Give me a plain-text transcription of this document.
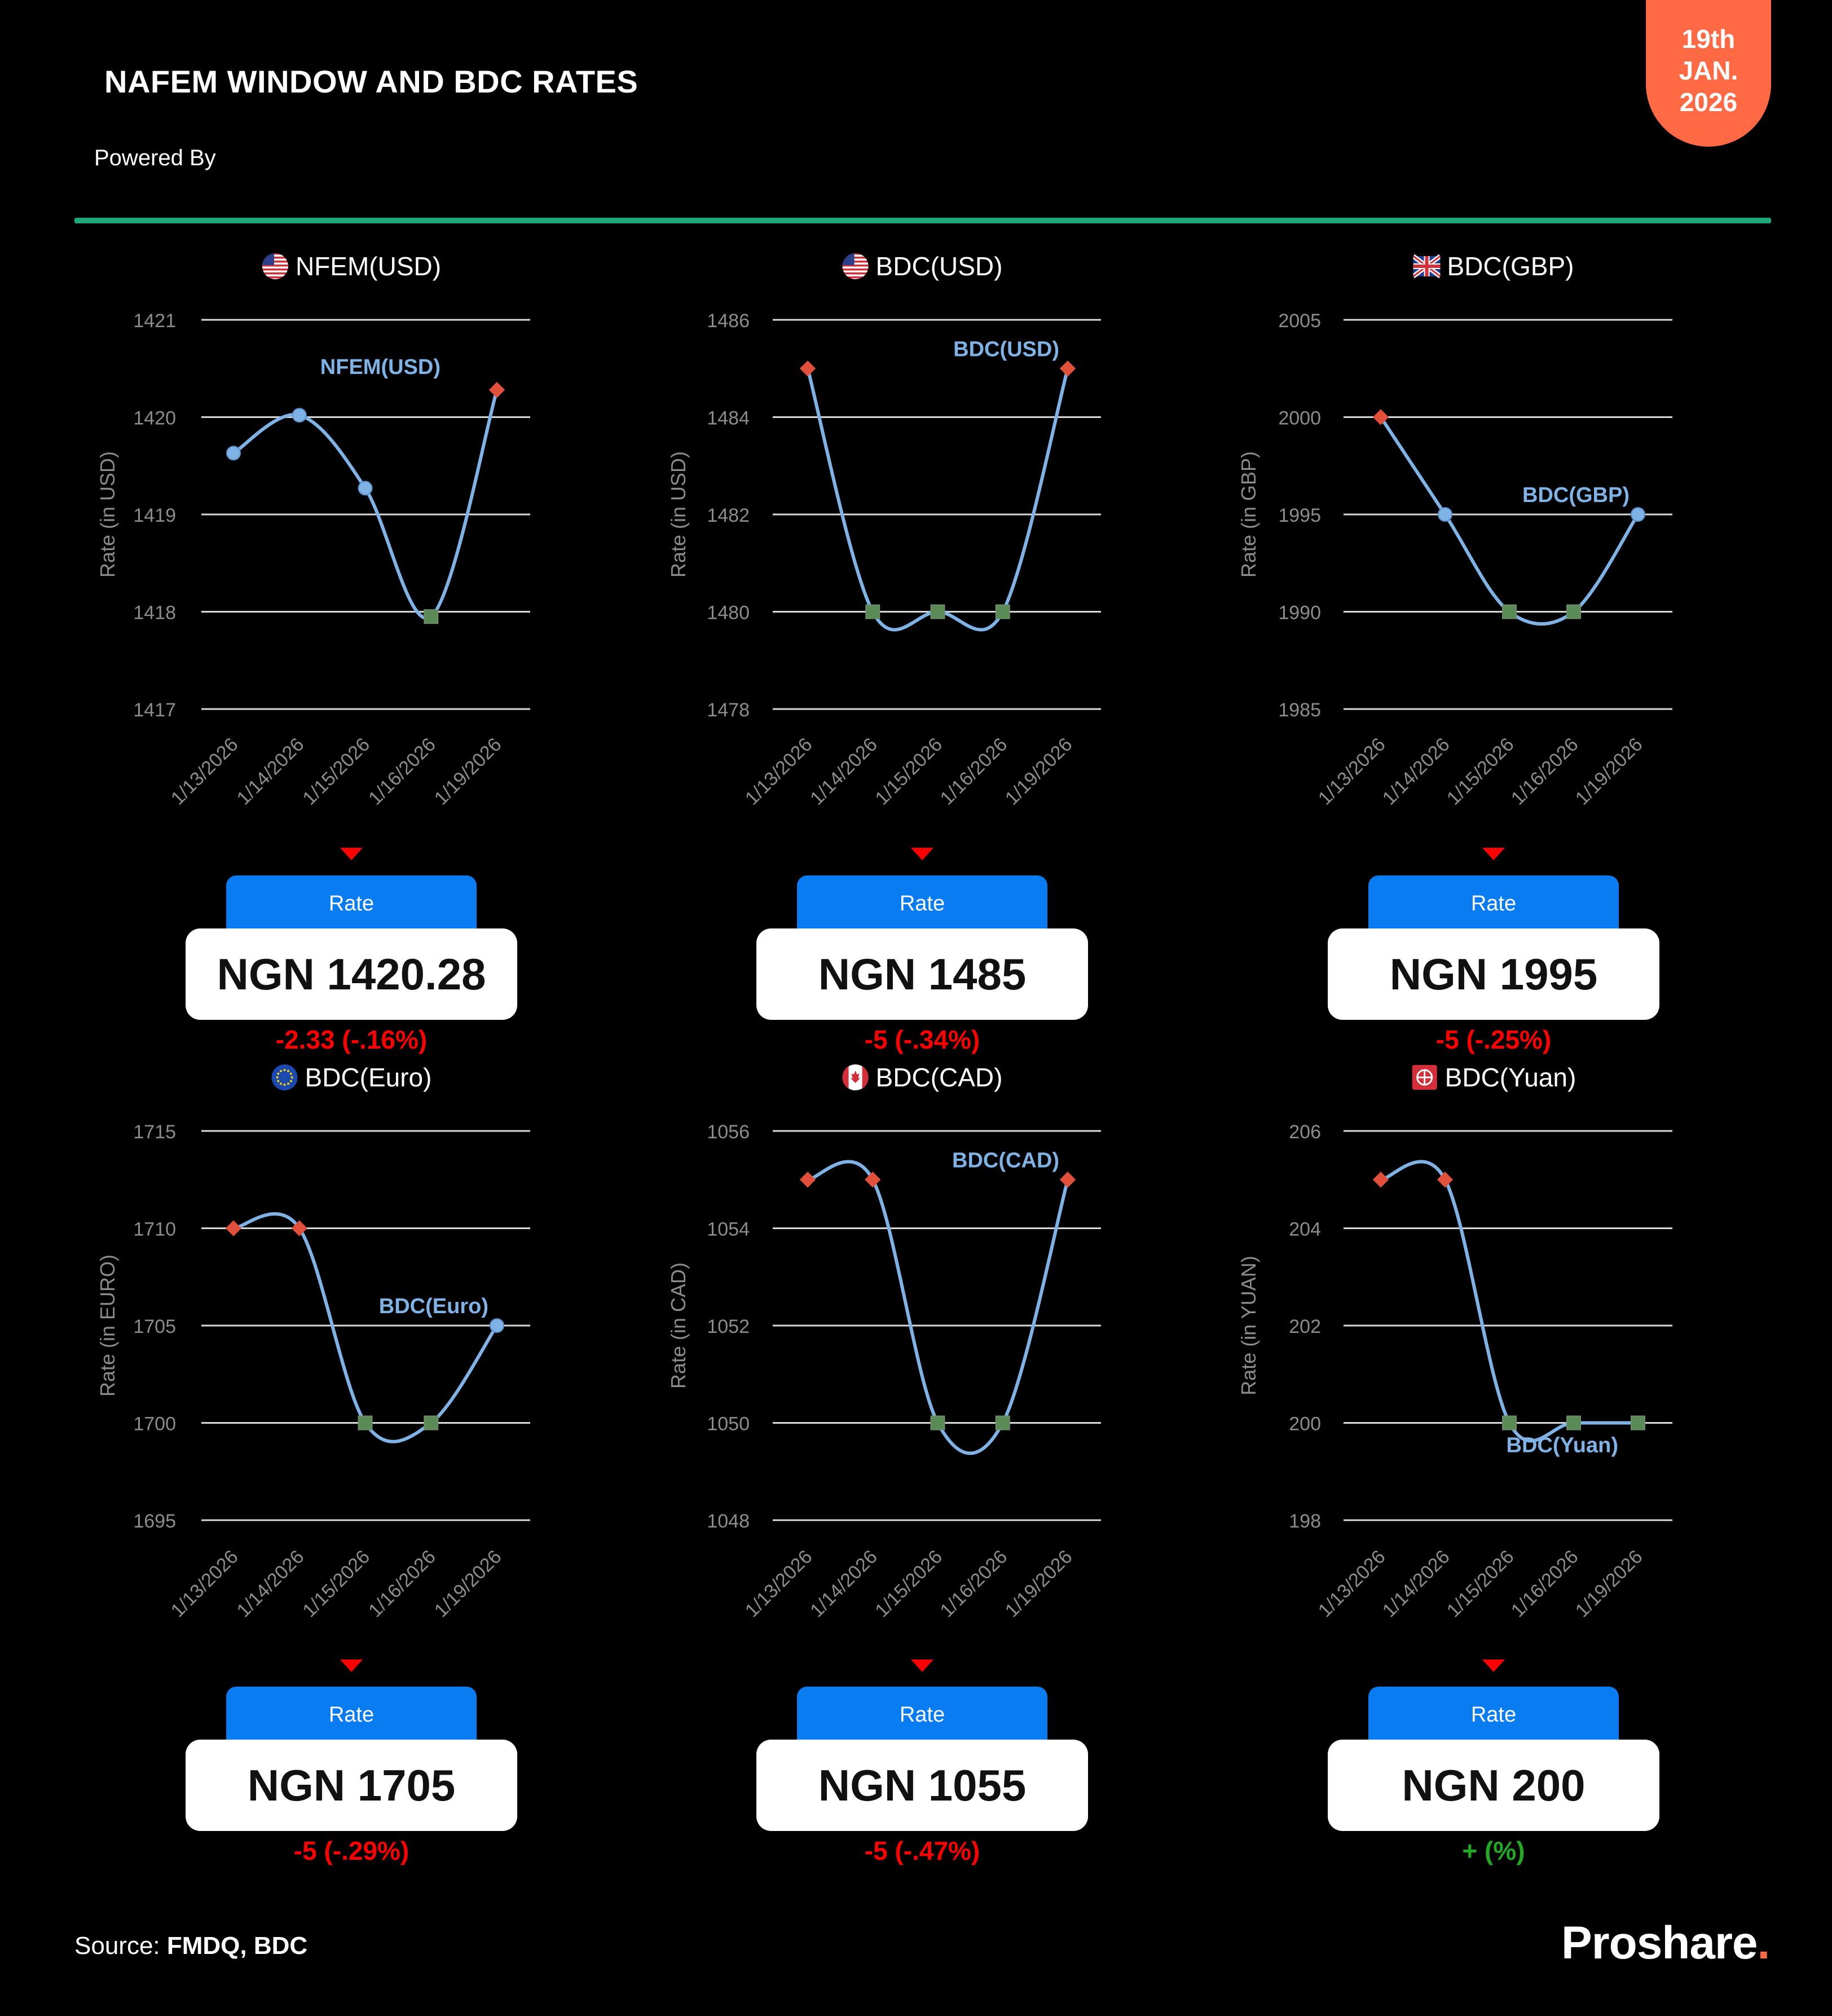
NAFEM WINDOW AND BDC RATES
Powered By
19th
JAN.
2026
1417
1418
1419
1420
1421
Rate (in USD)
1/13/2026
1/14/2026
1/15/2026
1/16/2026
1/19/2026
NFEM(USD)
1478
1480
1482
1484
1486
Rate (in USD)
1/13/2026
1/14/2026
1/15/2026
1/16/2026
1/19/2026
BDC(USD)
1985
1990
1995
2000
2005
Rate (in GBP)
1/13/2026
1/14/2026
1/15/2026
1/16/2026
1/19/2026
BDC(GBP)
1695
1700
1705
1710
1715
Rate (in EURO)
1/13/2026
1/14/2026
1/15/2026
1/16/2026
1/19/2026
BDC(Euro)
1048
1050
1052
1054
1056
Rate (in CAD)
1/13/2026
1/14/2026
1/15/2026
1/16/2026
1/19/2026
BDC(CAD)
198
200
202
204
206
Rate (in YUAN)
1/13/2026
1/14/2026
1/15/2026
1/16/2026
1/19/2026
BDC(Yuan)
NFEM(USD)
Rate
NGN 1420.28
-2.33 (-.16%)
BDC(USD)
Rate
NGN 1485
-5 (-.34%)
BDC(GBP)
Rate
NGN 1995
-5 (-.25%)
BDC(Euro)
Rate
NGN 1705
-5 (-.29%)
BDC(CAD)
Rate
NGN 1055
-5 (-.47%)
BDC(Yuan)
Rate
NGN 200
+ (%)
Source: FMDQ, BDC	Proshare.
